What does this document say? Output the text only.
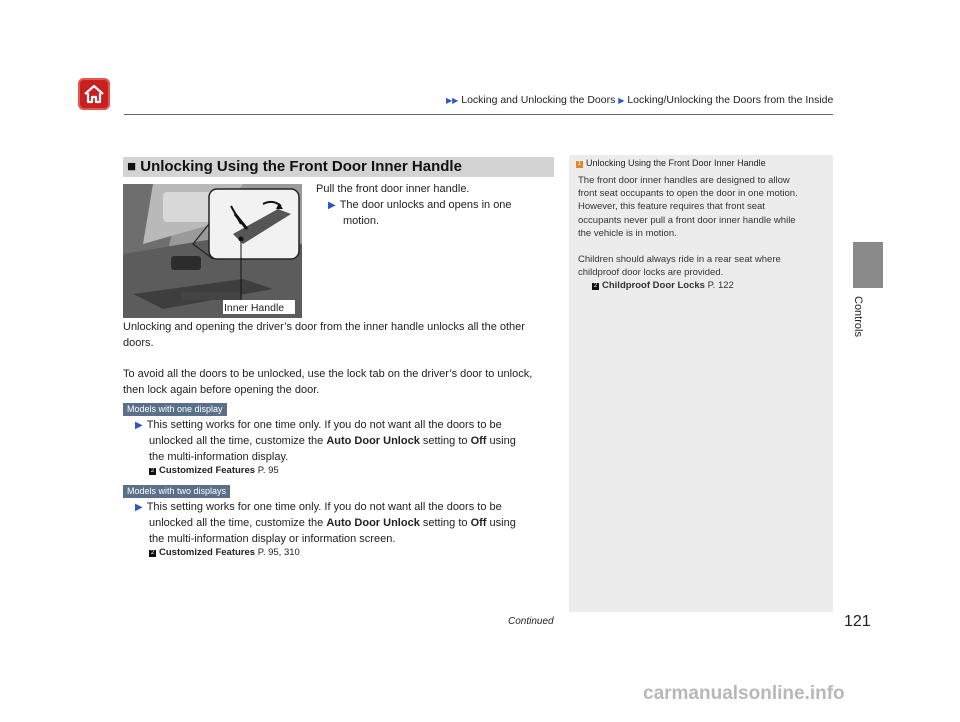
▶▶ Locking and Unlocking the Doors ▶ Locking/Unlocking the Doors from the Inside
Controls
■ Unlocking Using the Front Door Inner Handle
Inner Handle
Pull the front door inner handle.
▶ The door unlocks and opens in one
motion.
Unlocking and opening the driver’s door from the inner handle unlocks all the other
doors.
To avoid all the doors to be unlocked, use the lock tab on the driver’s door to unlock,
then lock again before opening the door.
Models with one display
▶ This setting works for one time only. If you do not want all the doors to be
unlocked all the time, customize the Auto Door Unlock setting to Off using
the multi-information display.
2 Customized Features P. 95
Models with two displays
▶ This setting works for one time only. If you do not want all the doors to be
unlocked all the time, customize the Auto Door Unlock setting to Off using
the multi-information display or information screen.
2 Customized Features P. 95, 310
1 Unlocking Using the Front Door Inner Handle
The front door inner handles are designed to allow
front seat occupants to open the door in one motion.
However, this feature requires that front seat
occupants never pull a front door inner handle while
the vehicle is in motion.
Children should always ride in a rear seat where
childproof door locks are provided.
2 Childproof Door Locks P. 122
Continued	121
carmanualsonline.info
